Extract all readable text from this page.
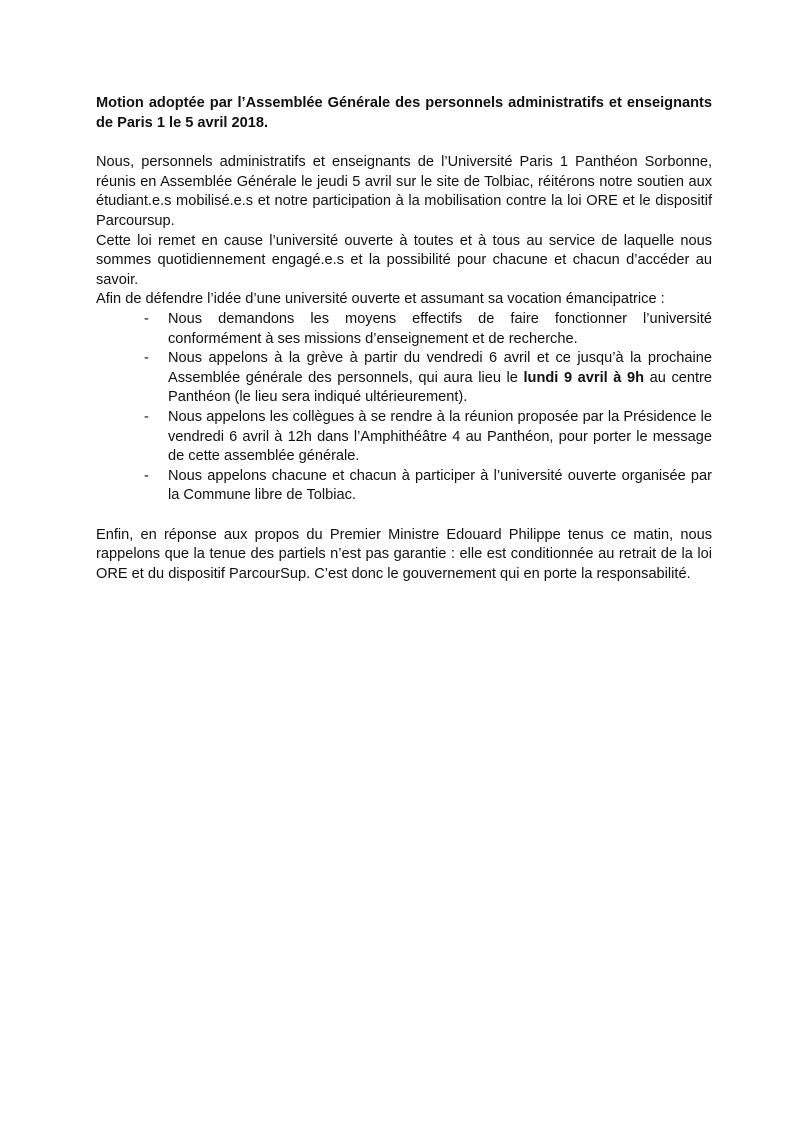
Motion adoptée par l’Assemblée Générale des personnels administratifs et enseignants de Paris 1 le 5 avril 2018.

Nous, personnels administratifs et enseignants de l’Université Paris 1 Panthéon Sorbonne, réunis en Assemblée Générale le jeudi 5 avril sur le site de Tolbiac, réitérons notre soutien aux étudiant.e.s mobilisé.e.s et notre participation à la mobilisation contre la loi ORE et le dispositif Parcoursup.

Cette loi remet en cause l’université ouverte à toutes et à tous au service de laquelle nous sommes quotidiennement engagé.e.s et la possibilité pour chacune et chacun d’accéder au savoir.

Afin de défendre l’idée d’une université ouverte et assumant sa vocation émancipatrice :

- Nous demandons les moyens effectifs de faire fonctionner l’université conformément à ses missions d’enseignement et de recherche.
- Nous appelons à la grève à partir du vendredi 6 avril et ce jusqu’à la prochaine Assemblée générale des personnels, qui aura lieu le lundi 9 avril à 9h au centre Panthéon (le lieu sera indiqué ultérieurement).
- Nous appelons les collègues à se rendre à la réunion proposée par la Présidence le vendredi 6 avril à 12h dans l’Amphithéâtre 4 au Panthéon, pour porter le message de cette assemblée générale.
- Nous appelons chacune et chacun à participer à l’université ouverte organisée par la Commune libre de Tolbiac.

Enfin, en réponse aux propos du Premier Ministre Edouard Philippe tenus ce matin, nous rappelons que la tenue des partiels n’est pas garantie : elle est conditionnée au retrait de la loi ORE et du dispositif ParcourSup. C’est donc le gouvernement qui en porte la responsabilité.
